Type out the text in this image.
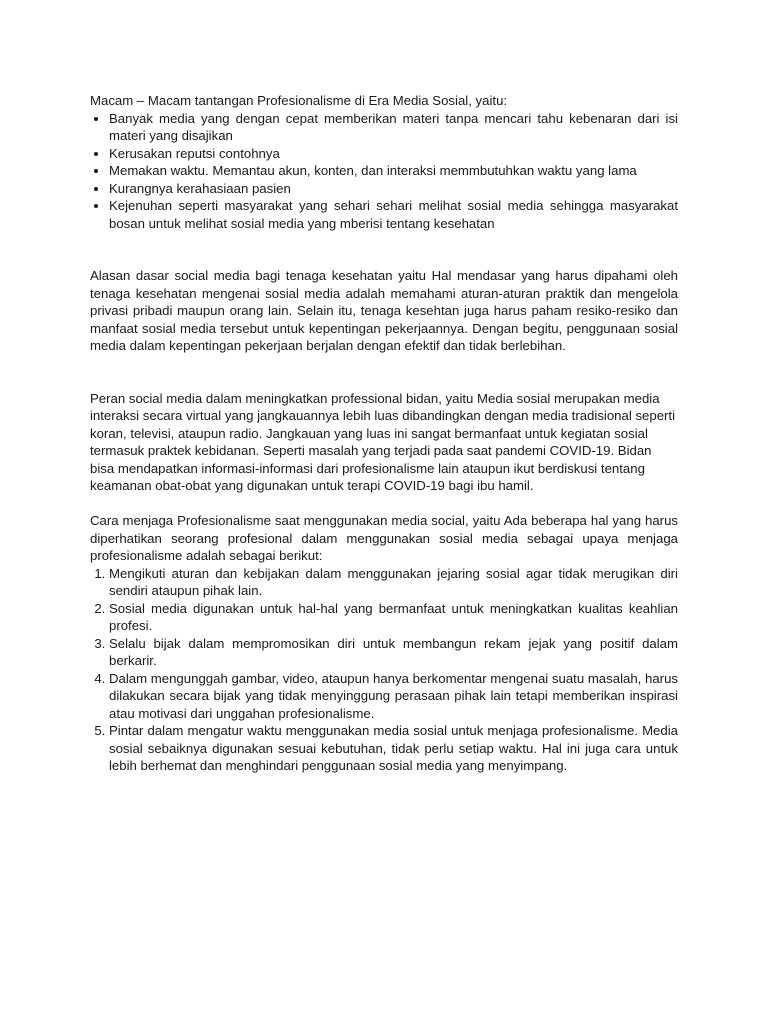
Macam – Macam tantangan Profesionalisme di Era Media Sosial, yaitu:

• Banyak media yang dengan cepat memberikan materi tanpa mencari tahu kebenaran dari isi materi yang disajikan
• Kerusakan reputsi contohnya
• Memakan waktu. Memantau akun, konten, dan interaksi memmbutuhkan waktu yang lama
• Kurangnya kerahasiaan pasien
• Kejenuhan seperti masyarakat yang sehari sehari melihat sosial media sehingga masyarakat bosan untuk melihat sosial media yang mberisi tentang kesehatan

Alasan dasar social media bagi tenaga kesehatan yaitu Hal mendasar yang harus dipahami oleh tenaga kesehatan mengenai sosial media adalah memahami aturan-aturan praktik dan mengelola privasi pribadi maupun orang lain. Selain itu, tenaga kesehtan juga harus paham resiko-resiko dan manfaat sosial media tersebut untuk kepentingan pekerjaannya. Dengan begitu, penggunaan sosial media dalam kepentingan pekerjaan berjalan dengan efektif dan tidak berlebihan.

Peran social media dalam meningkatkan professional bidan, yaitu Media sosial merupakan media interaksi secara virtual yang jangkauannya lebih luas dibandingkan dengan media tradisional seperti koran, televisi, ataupun radio. Jangkauan yang luas ini sangat bermanfaat untuk kegiatan sosial termasuk praktek kebidanan. Seperti masalah yang terjadi pada saat pandemi COVID-19. Bidan bisa mendapatkan informasi-informasi dari profesionalisme lain ataupun ikut berdiskusi tentang keamanan obat-obat yang digunakan untuk terapi COVID-19 bagi ibu hamil.

Cara menjaga Profesionalisme saat menggunakan media social, yaitu Ada beberapa hal yang harus diperhatikan seorang profesional dalam menggunakan sosial media sebagai upaya menjaga profesionalisme adalah sebagai berikut:

1. Mengikuti aturan dan kebijakan dalam menggunakan jejaring sosial agar tidak merugikan diri sendiri ataupun pihak lain.
2. Sosial media digunakan untuk hal-hal yang bermanfaat untuk meningkatkan kualitas keahlian profesi.
3. Selalu bijak dalam mempromosikan diri untuk membangun rekam jejak yang positif dalam berkarir.
4. Dalam mengunggah gambar, video, ataupun hanya berkomentar mengenai suatu masalah, harus dilakukan secara bijak yang tidak menyinggung perasaan pihak lain tetapi memberikan inspirasi atau motivasi dari unggahan profesionalisme.
5. Pintar dalam mengatur waktu menggunakan media sosial untuk menjaga profesionalisme. Media sosial sebaiknya digunakan sesuai kebutuhan, tidak perlu setiap waktu. Hal ini juga cara untuk lebih berhemat dan menghindari penggunaan sosial media yang menyimpang.
